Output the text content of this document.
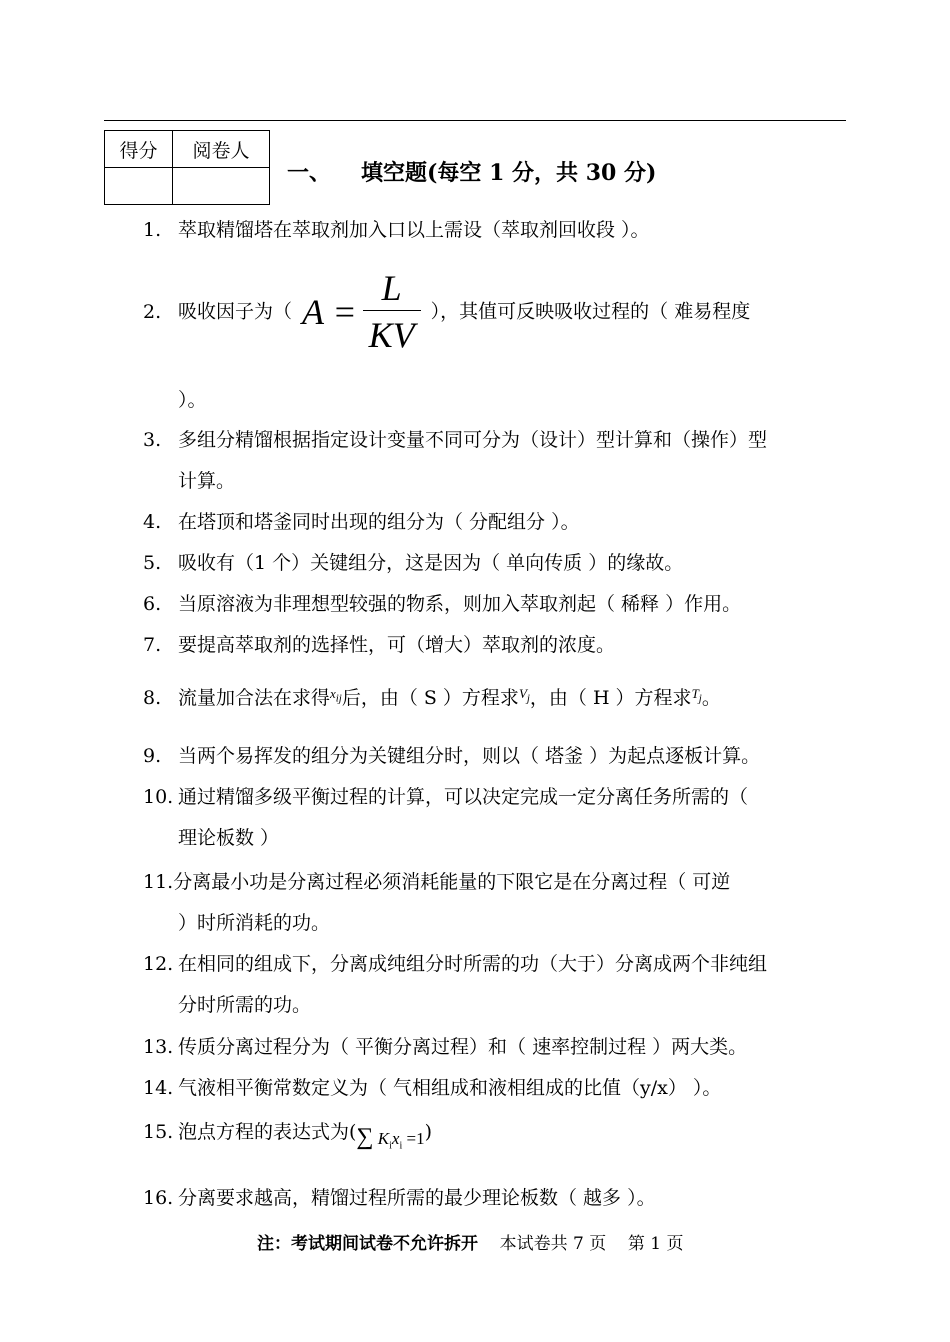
得分	阅卷人

一、 填空题(每空 1 分，共 30 分)
1. 萃取精馏塔在萃取剂加入口以上需设（萃取剂回收段 ）。
2. 吸收因子为（ $A = \frac{L}{KV}$ ），其值可反映吸收过程的（ 难易程度
）。
3. 多组分精馏根据指定设计变量不同可分为（设计）型计算和（操作）型
计算。
4. 在塔顶和塔釜同时出现的组分为（ 分配组分 ）。
5. 吸收有（1 个）关键组分，这是因为（ 单向传质 ）的缘故。
6. 当原溶液为非理想型较强的物系，则加入萃取剂起（ 稀释 ）作用。
7. 要提高萃取剂的选择性，可（增大）萃取剂的浓度。
8. 流量加合法在求得$^{x_{ij}}$后，由（ S ）方程求$^{V_j}$，由（ H ）方程求$^{T_j}$。
9. 当两个易挥发的组分为关键组分时，则以（ 塔釜 ）为起点逐板计算。
10. 通过精馏多级平衡过程的计算，可以决定完成一定分离任务所需的（
理论板数 ）
11.分离最小功是分离过程必须消耗能量的下限它是在分离过程（ 可逆
）时所消耗的功。
12. 在相同的组成下，分离成纯组分时所需的功（大于）分离成两个非纯组
分时所需的功。
13. 传质分离过程分为（ 平衡分离过程）和（ 速率控制过程 ）两大类。
14. 气液相平衡常数定义为（ 气相组成和液相组成的比值（y/x） ）。
15. 泡点方程的表达式为(∑ $K_ix_i =1$)
16. 分离要求越高，精馏过程所需的最少理论板数（ 越多 ）。
注：考试期间试卷不允许拆开 本试卷共 7 页 第 1 页
